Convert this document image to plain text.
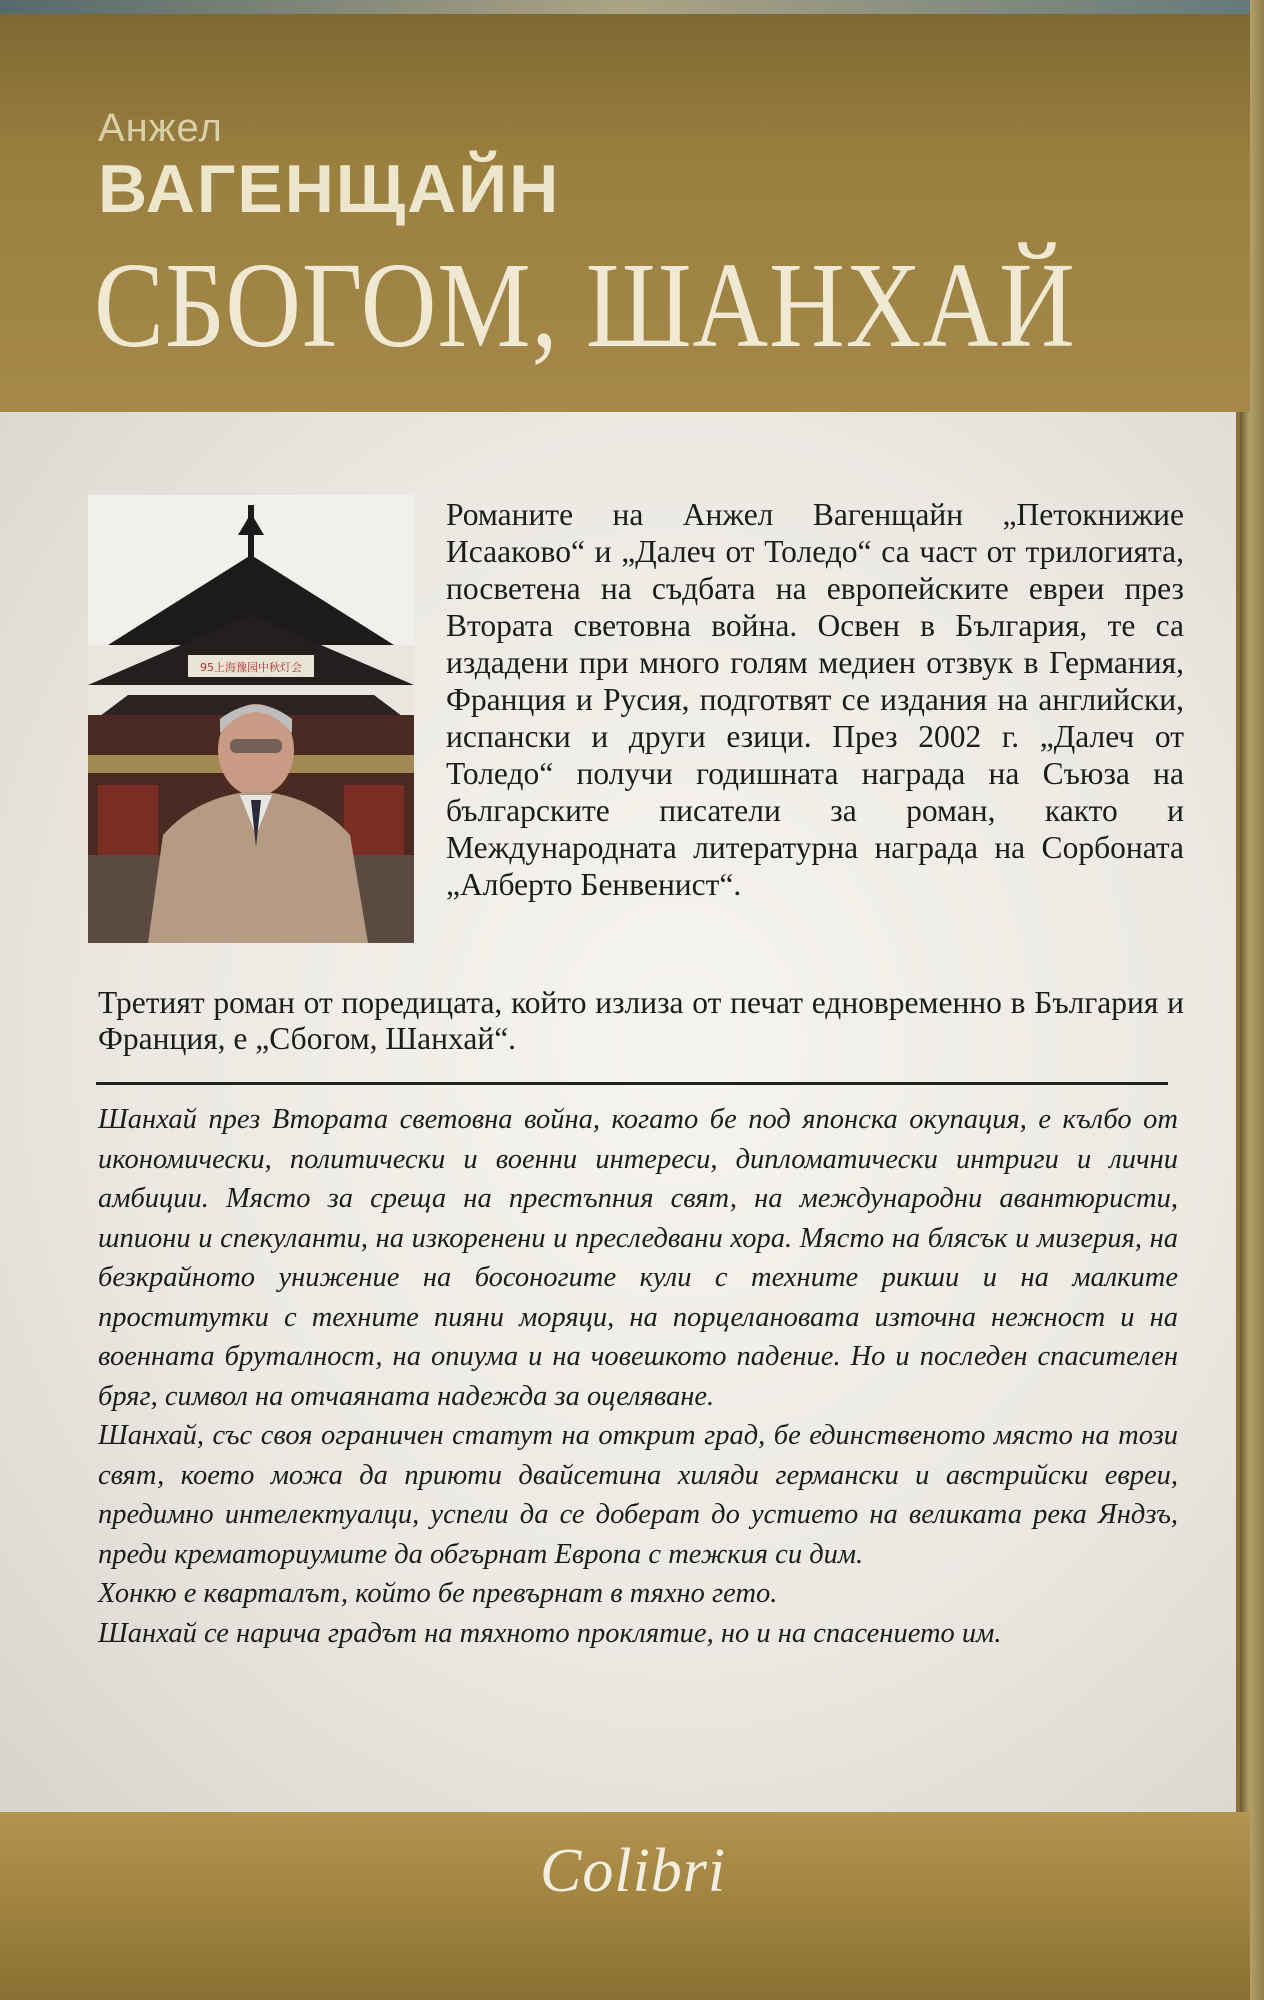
Анжел
ВАГЕНЩАЙН
СБОГОМ, ШАНХАЙ
95上海豫园中秋灯会

Романите на Анжел Вагенщайн „Петокнижие Исааково“ и „Далеч от Толедо“ са част от трилогията, посветена на съдбата на европейските евреи през Втората световна война. Освен в България, те са издадени при много голям медиен отзвук в Германия, Франция и Русия, подготвят се издания на английски, испански и други езици. През 2002 г. „Далеч от Толедо“ получи годишната награда на Съюза на българските писатели за роман, както и Международната литературна награда на Сорбоната „Алберто Бенвенист“.

Третият роман от поредицата, който излиза от печат едновременно в България и Франция, е „Сбогом, Шанхай“.

Шанхай през Втората световна война, когато бе под японска окупация, е кълбо от икономически, политически и военни интереси, дипломатически интриги и лични амбиции. Място за среща на престъпния свят, на международни авантюристи, шпиони и спекуланти, на изкоренени и преследвани хора. Място на блясък и мизерия, на безкрайното унижение на босоногите кули с техните рикши и на малките проститутки с техните пияни моряци, на порцелановата източна нежност и на военната бруталност, на опиума и на човешкото падение. Но и последен спасителен бряг, символ на отчаяната надежда за оцеляване.

Шанхай, със своя ограничен статут на открит град, бе единственото място на този свят, което можа да приюти двайсетина хиляди германски и австрийски евреи, предимно интелектуалци, успели да се доберат до устието на великата река Яндзъ, преди крематориумите да обгърнат Европа с тежкия си дим.

Хонкю е кварталът, който бе превърнат в тяхно гето.

Шанхай се нарича градът на тяхното проклятие, но и на спасението им.

Colibri
